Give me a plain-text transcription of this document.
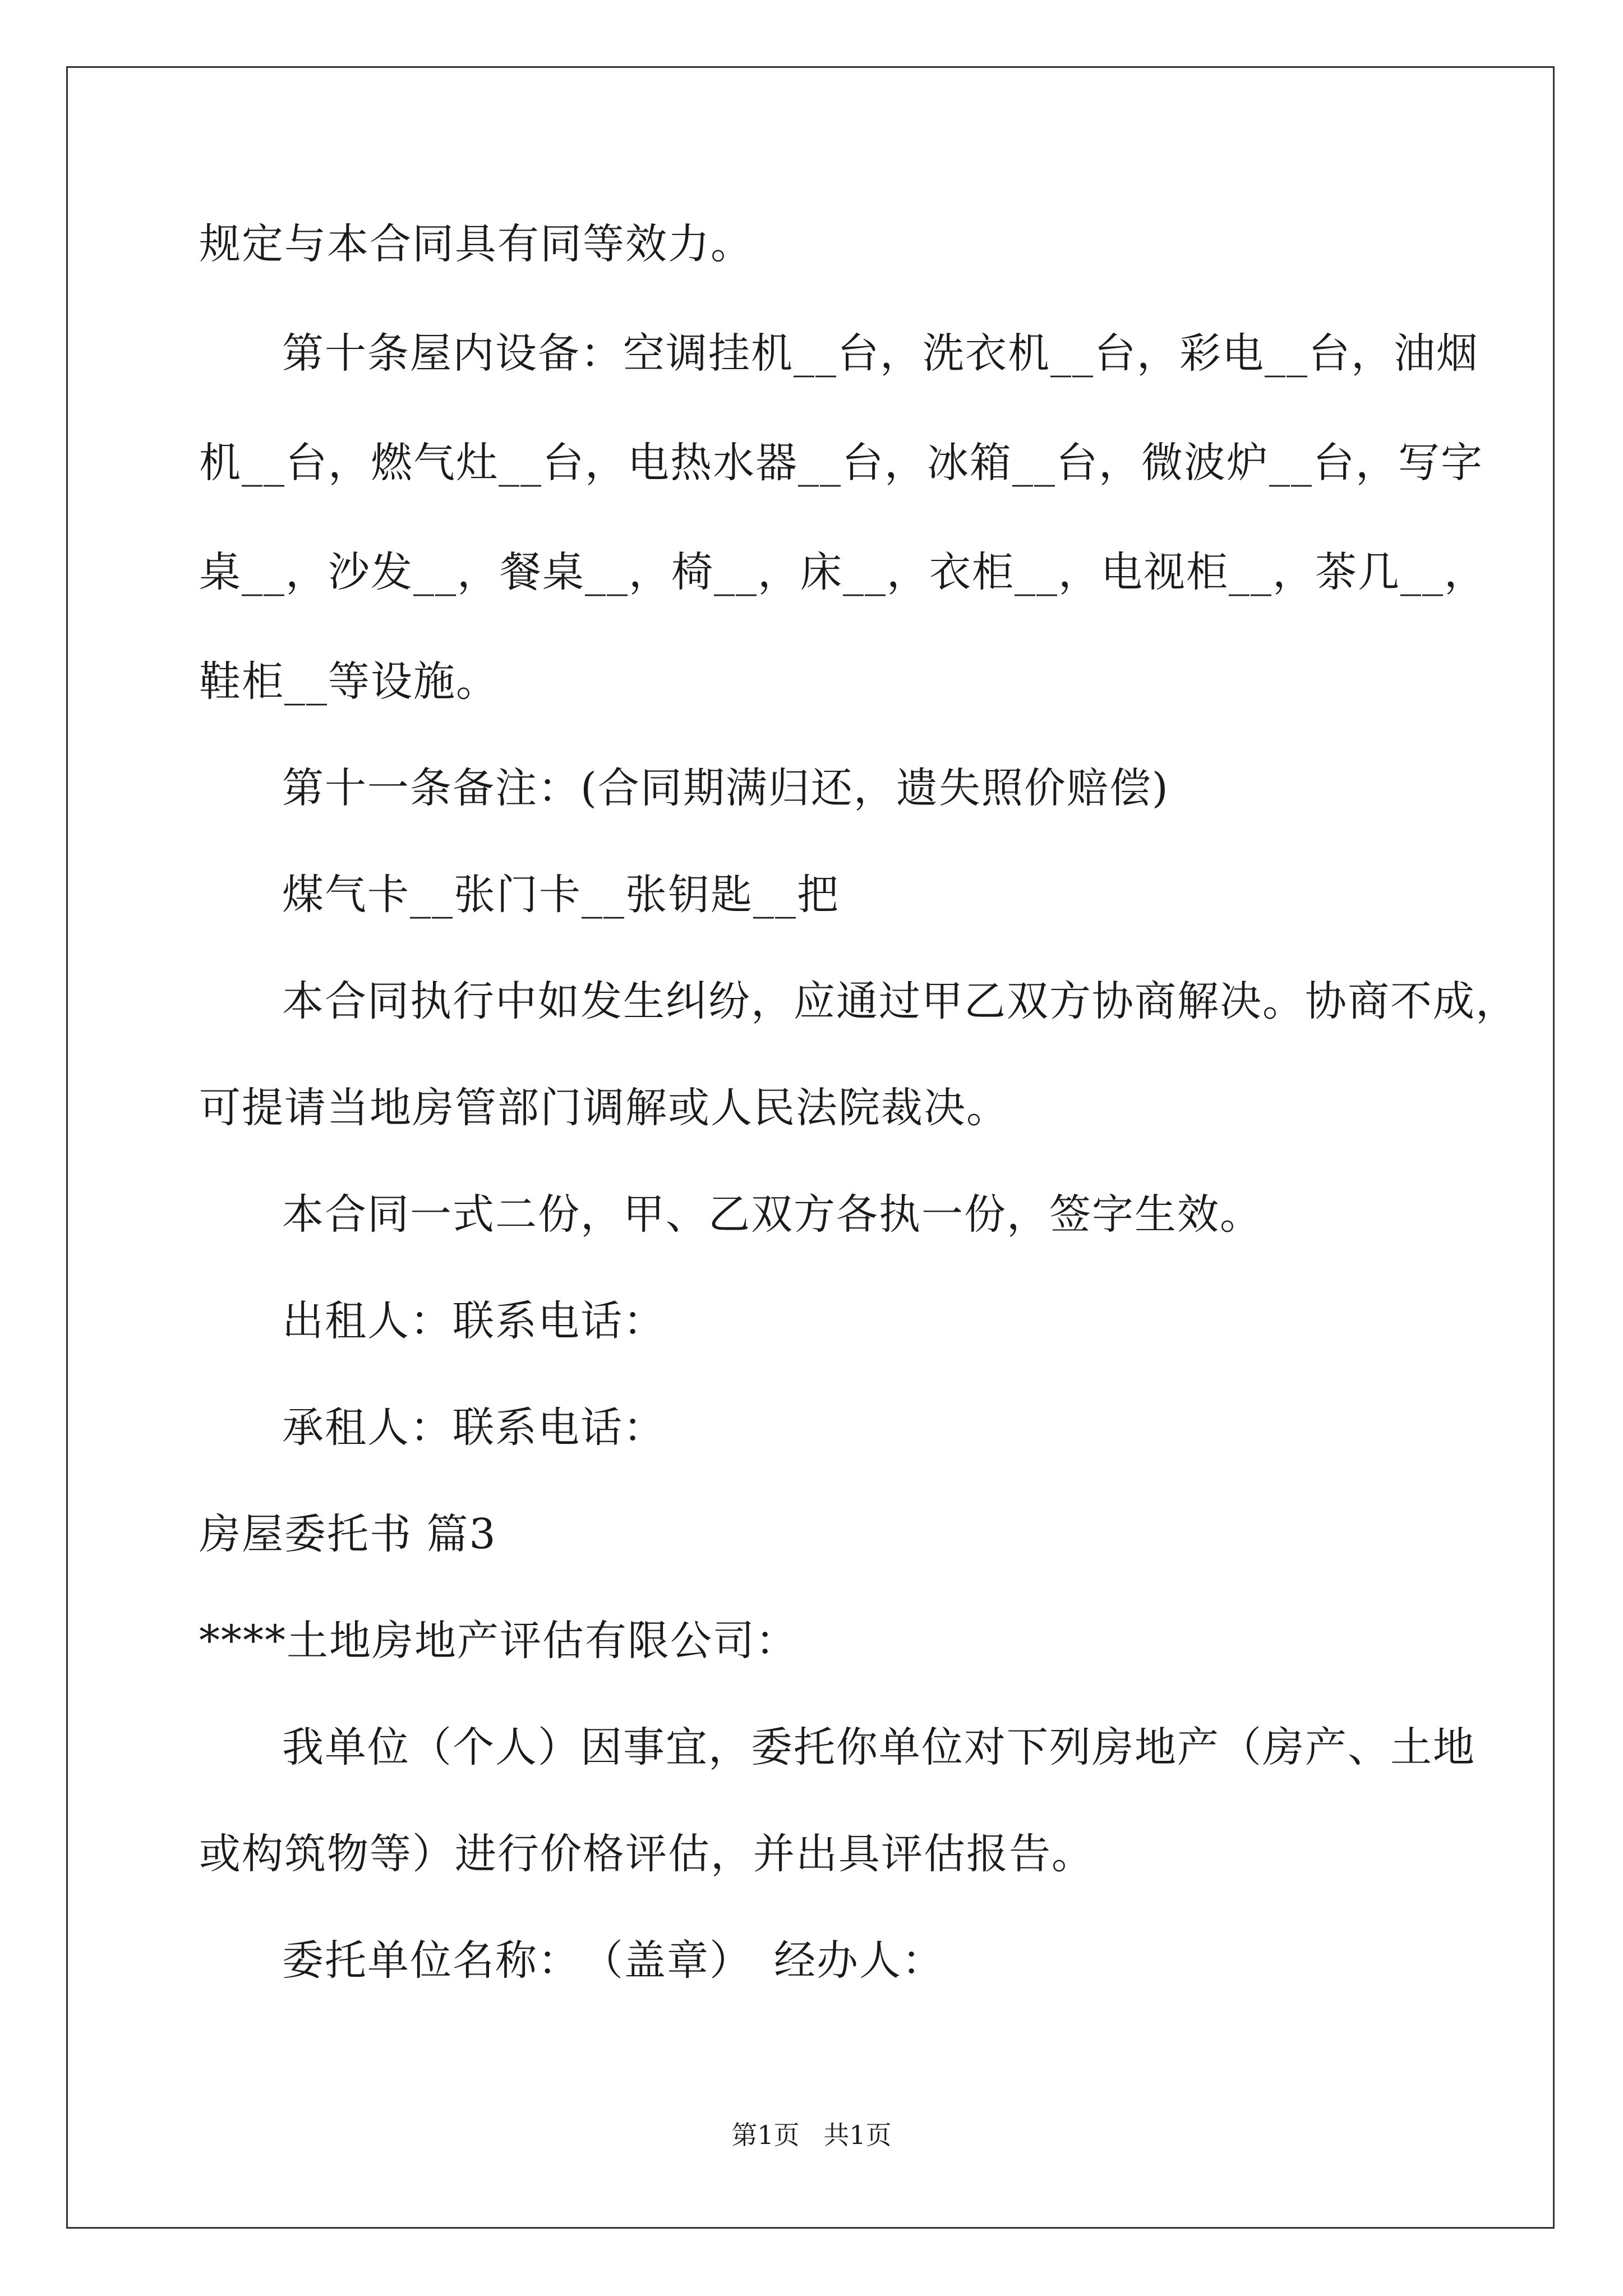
规定与本合同具有同等效力。
第十条屋内设备：空调挂机__台，洗衣机__台，彩电__台，油烟
机__台，燃气灶__台，电热水器__台，冰箱__台，微波炉__台，写字
桌__，沙发__，餐桌__，椅__，床__，衣柜__，电视柜__，茶几__，
鞋柜__等设施。
第十一条备注：(合同期满归还，遗失照价赔偿)
煤气卡__张门卡__张钥匙__把
本合同执行中如发生纠纷，应通过甲乙双方协商解决。协商不成，
可提请当地房管部门调解或人民法院裁决。
本合同一式二份，甲、乙双方各执一份，签字生效。
出租人：联系电话：
承租人：联系电话：
房屋委托书 篇3
****土地房地产评估有限公司：
我单位（个人）因事宜，委托你单位对下列房地产（房产、土地
或构筑物等）进行价格评估，并出具评估报告。
委托单位名称：　（盖章）　经办人：
第1页 共1页
